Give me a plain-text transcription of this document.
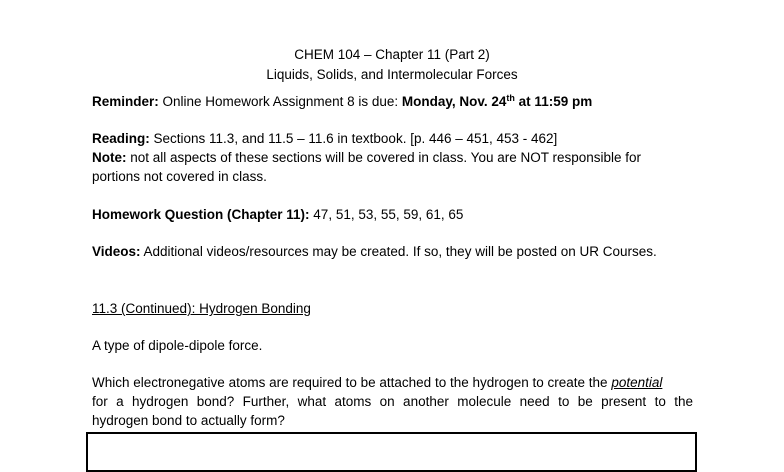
CHEM 104 – Chapter 11 (Part 2)
Liquids, Solids, and Intermolecular Forces
Reminder: Online Homework Assignment 8 is due: Monday, Nov. 24th at 11:59 pm
Reading: Sections 11.3, and 11.5 – 11.6 in textbook. [p. 446 – 451, 453 - 462]
Note: not all aspects of these sections will be covered in class. You are NOT responsible for
portions not covered in class.
Homework Question (Chapter 11): 47, 51, 53, 55, 59, 61, 65
Videos: Additional videos/resources may be created. If so, they will be posted on UR Courses.
11.3 (Continued): Hydrogen Bonding
A type of dipole-dipole force.
Which electronegative atoms are required to be attached to the hydrogen to create the potential
for a hydrogen bond? Further, what atoms on another molecule need to be present to the
hydrogen bond to actually form?
